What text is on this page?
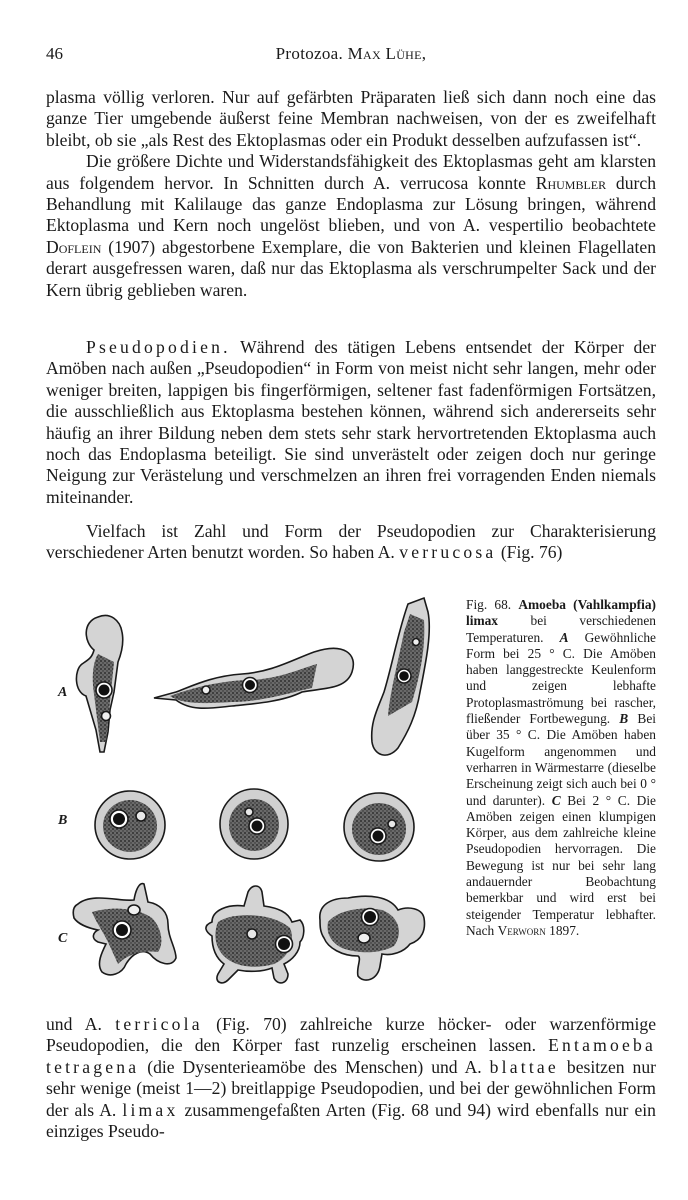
46	Protozoa. Max Lühe,

plasma völlig verloren. Nur auf gefärbten Präparaten ließ sich dann noch eine das ganze Tier umgebende äußerst feine Membran nachweisen, von der es zweifelhaft bleibt, ob sie „als Rest des Ektoplasmas oder ein Produkt desselben aufzufassen ist“.

Die größere Dichte und Widerstandsfähigkeit des Ektoplasmas geht am klarsten aus folgendem hervor. In Schnitten durch A. verrucosa konnte Rhumbler durch Behandlung mit Kalilauge das ganze Endoplasma zur Lösung bringen, während Ektoplasma und Kern noch ungelöst blieben, und von A. vespertilio beobachtete Doflein (1907) abgestorbene Exemplare, die von Bakterien und kleinen Flagellaten derart ausgefressen waren, daß nur das Ektoplasma als verschrumpelter Sack und der Kern übrig geblieben waren.

Pseudopodien. Während des tätigen Lebens entsendet der Körper der Amöben nach außen „Pseudopodien“ in Form von meist nicht sehr langen, mehr oder weniger breiten, lappigen bis fingerförmigen, seltener fast fadenförmigen Fortsätzen, die ausschließlich aus Ektoplasma bestehen können, während sich andererseits sehr häufig an ihrer Bildung neben dem stets sehr stark hervortretenden Ektoplasma auch noch das Endoplasma beteiligt. Sie sind unverästelt oder zeigen doch nur geringe Neigung zur Verästelung und verschmelzen an ihren frei vorragenden Enden niemals miteinander.

Vielfach ist Zahl und Form der Pseudopodien zur Charakterisierung verschiedener Arten benutzt worden. So haben A. verrucosa (Fig. 76)

A
B
C
Fig. 68. Amoeba (Vahlkampfia) limax bei verschiedenen Temperaturen. A Gewöhnliche Form bei 25 ° C. Die Amöben haben langgestreckte Keulenform und zeigen lebhafte Protoplasmaströmung bei rascher, fließender Fortbewegung. B Bei über 35 ° C. Die Amöben haben Kugelform angenommen und verharren in Wärmestarre (dieselbe Erscheinung zeigt sich auch bei 0 ° und darunter). C Bei 2 ° C. Die Amöben zeigen einen klumpigen Körper, aus dem zahlreiche kleine Pseudopodien hervorragen. Die Bewegung ist nur bei sehr lang andauernder Beobachtung bemerkbar und wird erst bei steigender Temperatur lebhafter. Nach Verworn 1897.

und A. terricola (Fig. 70) zahlreiche kurze höcker- oder warzenförmige Pseudopodien, die den Körper fast runzelig erscheinen lassen. Entamoeba tetragena (die Dysenterieamöbe des Menschen) und A. blattae besitzen nur sehr wenige (meist 1—2) breitlappige Pseudopodien, und bei der gewöhnlichen Form der als A. limax zusammengefaßten Arten (Fig. 68 und 94) wird ebenfalls nur ein einziges Pseudo-
